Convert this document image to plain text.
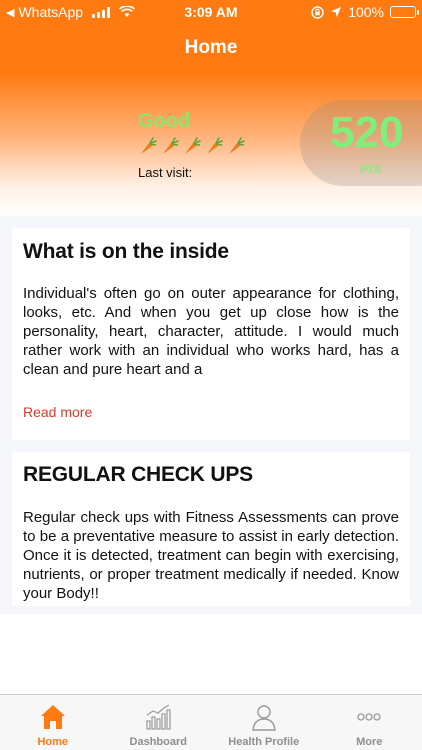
◀ WhatsApp	3:09 AM	100%
Home
Good
Last visit:
520
PTS
What is on the inside
Individual's often go on outer appearance for clothing, looks, etc. And when you get up close how is the personality, heart, character, attitude. I would much rather work with an individual who works hard, has a clean and pure heart and a
Read more
REGULAR CHECK UPS
Regular check ups with Fitness Assessments can prove to be a preventative measure to assist in early detection. Once it is detected, treatment can begin with exercising, nutrients, or proper treatment medically if needed. Know your Body!!
Home	Dashboard	Health Profile	More
